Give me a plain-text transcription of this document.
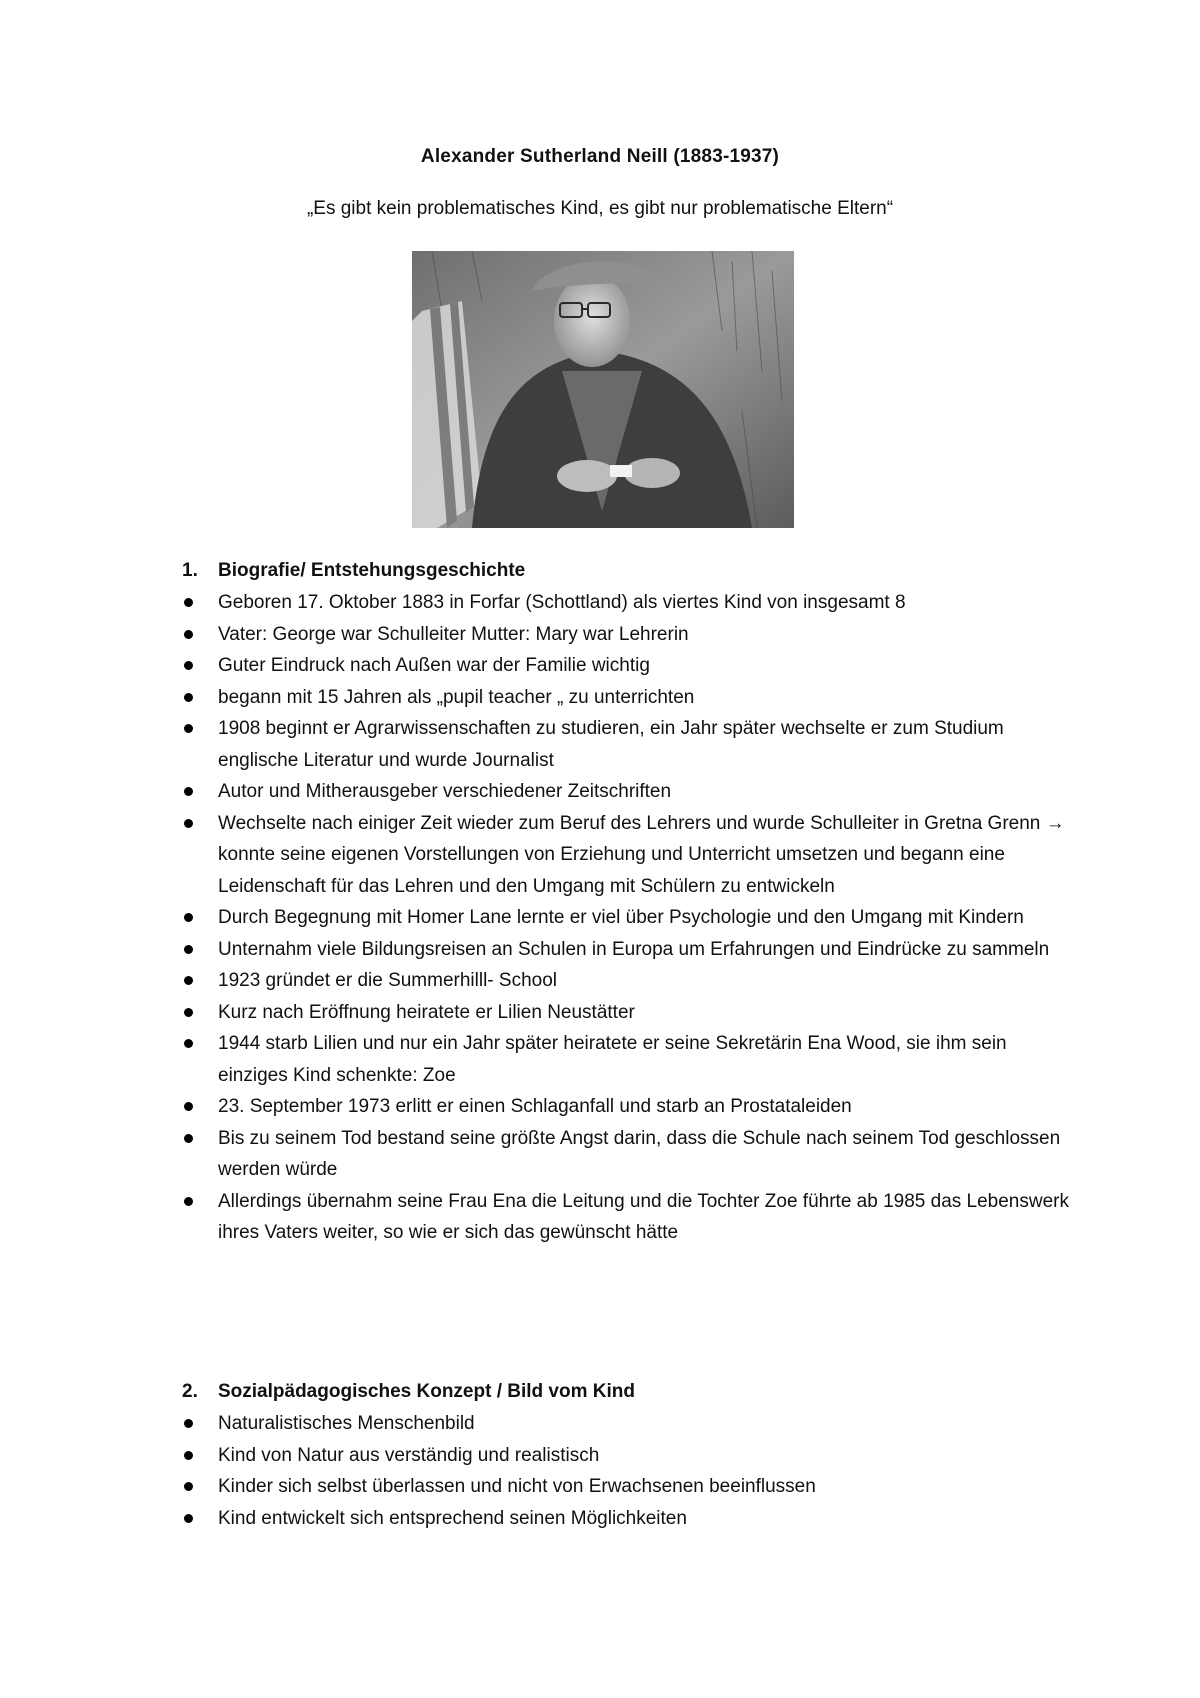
Alexander Sutherland Neill (1883-1937)
„Es gibt kein problematisches Kind, es gibt nur problematische Eltern“
1.	Biografie/ Entstehungsgeschichte
Geboren 17. Oktober 1883 in Forfar (Schottland) als viertes Kind von insgesamt 8
Vater: George war Schulleiter Mutter: Mary war Lehrerin
Guter Eindruck nach Außen war der Familie wichtig
begann mit 15 Jahren als „pupil teacher „ zu unterrichten
1908 beginnt er Agrarwissenschaften zu studieren, ein Jahr später wechselte er zum Studium englische Literatur und wurde Journalist
Autor und Mitherausgeber verschiedener Zeitschriften
Wechselte nach einiger Zeit wieder zum Beruf des Lehrers und wurde Schulleiter in Gretna Grenn → konnte seine eigenen Vorstellungen von Erziehung und Unterricht umsetzen und begann eine Leidenschaft für das Lehren und den Umgang mit Schülern zu entwickeln
Durch Begegnung mit Homer Lane lernte er viel über Psychologie und den Umgang mit Kindern
Unternahm viele Bildungsreisen an Schulen in Europa um Erfahrungen und Eindrücke zu sammeln
1923 gründet er die Summerhilll- School
Kurz nach Eröffnung heiratete er Lilien Neustätter
1944 starb Lilien und nur ein Jahr später heiratete er seine Sekretärin Ena Wood, sie ihm sein einziges Kind schenkte: Zoe
23. September 1973 erlitt er einen Schlaganfall und starb an Prostataleiden
Bis zu seinem Tod bestand seine größte Angst darin, dass die Schule nach seinem Tod geschlossen werden würde
Allerdings übernahm seine Frau Ena die Leitung und die Tochter Zoe führte ab 1985 das Lebenswerk ihres Vaters weiter, so wie er sich das gewünscht hätte
2.	Sozialpädagogisches Konzept / Bild vom Kind
Naturalistisches Menschenbild
Kind von Natur aus verständig und realistisch
Kinder sich selbst überlassen und nicht von Erwachsenen beeinflussen
Kind entwickelt sich entsprechend seinen Möglichkeiten
